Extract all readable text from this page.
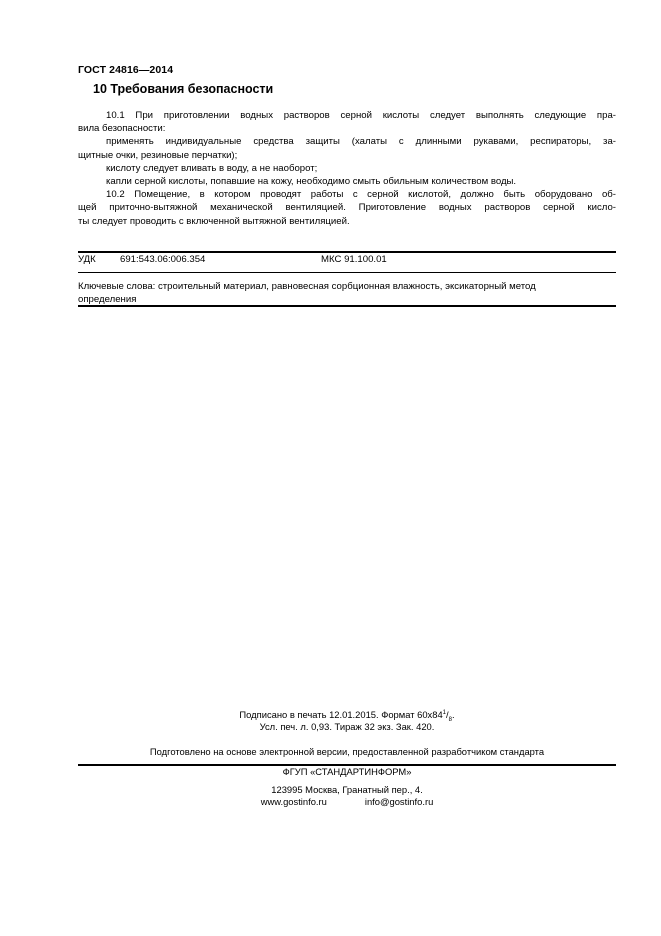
ГОСТ 24816—2014
10 Требования безопасности
10.1 При приготовлении водных растворов серной кислоты следует выполнять следующие пра-
вила безопасности:
применять индивидуальные средства защиты (халаты с длинными рукавами, респираторы, за-
щитные очки, резиновые перчатки);
кислоту следует вливать в воду, а не наоборот;
капли серной кислоты, попавшие на кожу, необходимо смыть обильным количеством воды.
10.2 Помещение, в котором проводят работы с серной кислотой, должно быть оборудовано об-
щей приточно-вытяжной механической вентиляцией. Приготовление водных растворов серной кисло-
ты следует проводить с включенной вытяжной вентиляцией.
УДК	691:543.06:006.354	МКС 91.100.01
Ключевые слова: строительный материал, равновесная сорбционная влажность, эксикаторный метод
определения
Подписано в печать 12.01.2015. Формат $60x84^1/_8$.
Усл. печ. л. 0,93. Тираж 32 экз. Зак. 420.
Подготовлено на основе электронной версии, предоставленной разработчиком стандарта
ФГУП «СТАНДАРТИНФОРМ»
123995 Москва, Гранатный пер., 4.
www.gostinfo.ru	info@gostinfo.ru
